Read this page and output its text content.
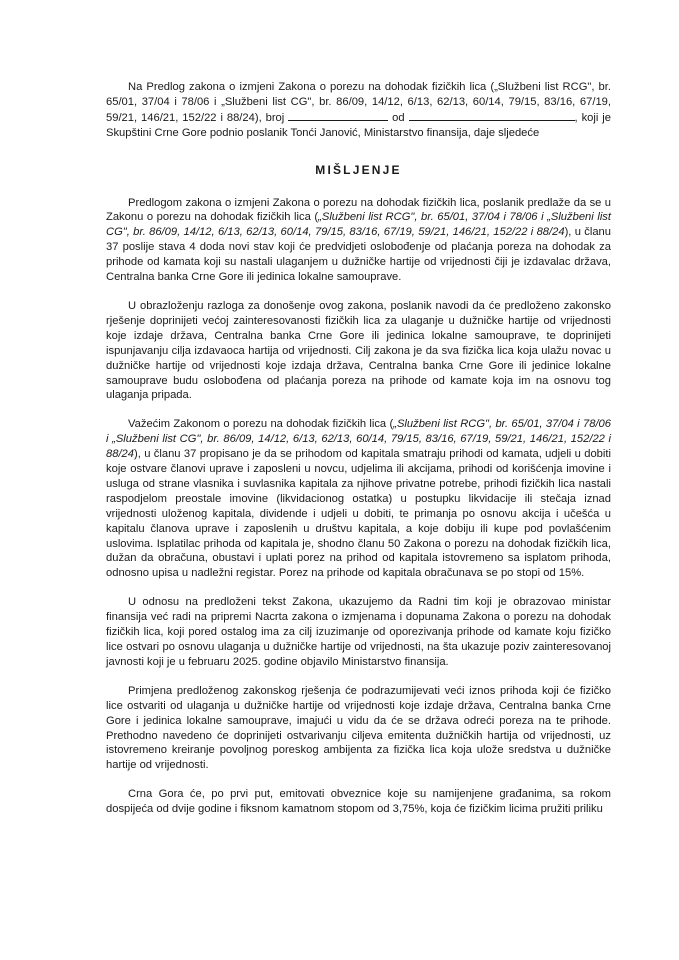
Na Predlog zakona o izmjeni Zakona o porezu na dohodak fizičkih lica („Službeni list RCG", br. 65/01, 37/04 i 78/06 i „Službeni list CG", br. 86/09, 14/12, 6/13, 62/13, 60/14, 79/15, 83/16, 67/19, 59/21, 146/21, 152/22 i 88/24), broj	od	, koji je Skupštini Crne Gore podnio poslanik Tonći Janović, Ministarstvo finansija, daje sljedeće

MIŠLJENJE

Predlogom zakona o izmjeni Zakona o porezu na dohodak fizičkih lica, poslanik predlaže da se u Zakonu o porezu na dohodak fizičkih lica („Službeni list RCG", br. 65/01, 37/04 i 78/06 i „Službeni list CG", br. 86/09, 14/12, 6/13, 62/13, 60/14, 79/15, 83/16, 67/19, 59/21, 146/21, 152/22 i 88/24), u članu 37 poslije stava 4 doda novi stav koji će predvidjeti oslobođenje od plaćanja poreza na dohodak za prihode od kamata koji su nastali ulaganjem u dužničke hartije od vrijednosti čiji je izdavalac država, Centralna banka Crne Gore ili jedinica lokalne samouprave.

U obrazloženju razloga za donošenje ovog zakona, poslanik navodi da će predloženo zakonsko rješenje doprinijeti većoj zainteresovanosti fizičkih lica za ulaganje u dužničke hartije od vrijednosti koje izdaje država, Centralna banka Crne Gore ili jedinica lokalne samouprave, te doprinijeti ispunjavanju cilja izdavaoca hartija od vrijednosti. Cilj zakona je da sva fizička lica koja ulažu novac u dužničke hartije od vrijednosti koje izdaja država, Centralna banka Crne Gore ili jedinice lokalne samouprave budu oslobođena od plaćanja poreza na prihode od kamate koja im na osnovu tog ulaganja pripada.

Važećim Zakonom o porezu na dohodak fizičkih lica („Službeni list RCG", br. 65/01, 37/04 i 78/06 i „Službeni list CG", br. 86/09, 14/12, 6/13, 62/13, 60/14, 79/15, 83/16, 67/19, 59/21, 146/21, 152/22 i 88/24), u članu 37 propisano je da se prihodom od kapitala smatraju prihodi od kamata, udjeli u dobiti koje ostvare članovi uprave i zaposleni u novcu, udjelima ili akcijama, prihodi od korišćenja imovine i usluga od strane vlasnika i suvlasnika kapitala za njihove privatne potrebe, prihodi fizičkih lica nastali raspodjelom preostale imovine (likvidacionog ostatka) u postupku likvidacije ili stečaja iznad vrijednosti uloženog kapitala, dividende i udjeli u dobiti, te primanja po osnovu akcija i učešća u kapitalu članova uprave i zaposlenih u društvu kapitala, a koje dobiju ili kupe pod povlašćenim uslovima. Isplatilac prihoda od kapitala je, shodno članu 50 Zakona o porezu na dohodak fizičkih lica, dužan da obračuna, obustavi i uplati porez na prihod od kapitala istovremeno sa isplatom prihoda, odnosno upisa u nadležni registar. Porez na prihode od kapitala obračunava se po stopi od 15%.

U odnosu na predloženi tekst Zakona, ukazujemo da Radni tim koji je obrazovao ministar finansija već radi na pripremi Nacrta zakona o izmjenama i dopunama Zakona o porezu na dohodak fizičkih lica, koji pored ostalog ima za cilj izuzimanje od oporezivanja prihode od kamate koju fizičko lice ostvari po osnovu ulaganja u dužničke hartije od vrijednosti, na šta ukazuje poziv zainteresovanoj javnosti koji je u februaru 2025. godine objavilo Ministarstvo finansija.

Primjena predloženog zakonskog rješenja će podrazumijevati veći iznos prihoda koji će fizičko lice ostvariti od ulaganja u dužničke hartije od vrijednosti koje izdaje država, Centralna banka Crne Gore i jedinica lokalne samouprave, imajući u vidu da će se država odreći poreza na te prihode. Prethodno navedeno će doprinijeti ostvarivanju ciljeva emitenta dužničkih hartija od vrijednosti, uz istovremeno kreiranje povoljnog poreskog ambijenta za fizička lica koja ulože sredstva u dužničke hartije od vrijednosti.

Crna Gora će, po prvi put, emitovati obveznice koje su namijenjene građanima, sa rokom dospijeća od dvije godine i fiksnom kamatnom stopom od 3,75%, koja će fizičkim licima pružiti priliku
